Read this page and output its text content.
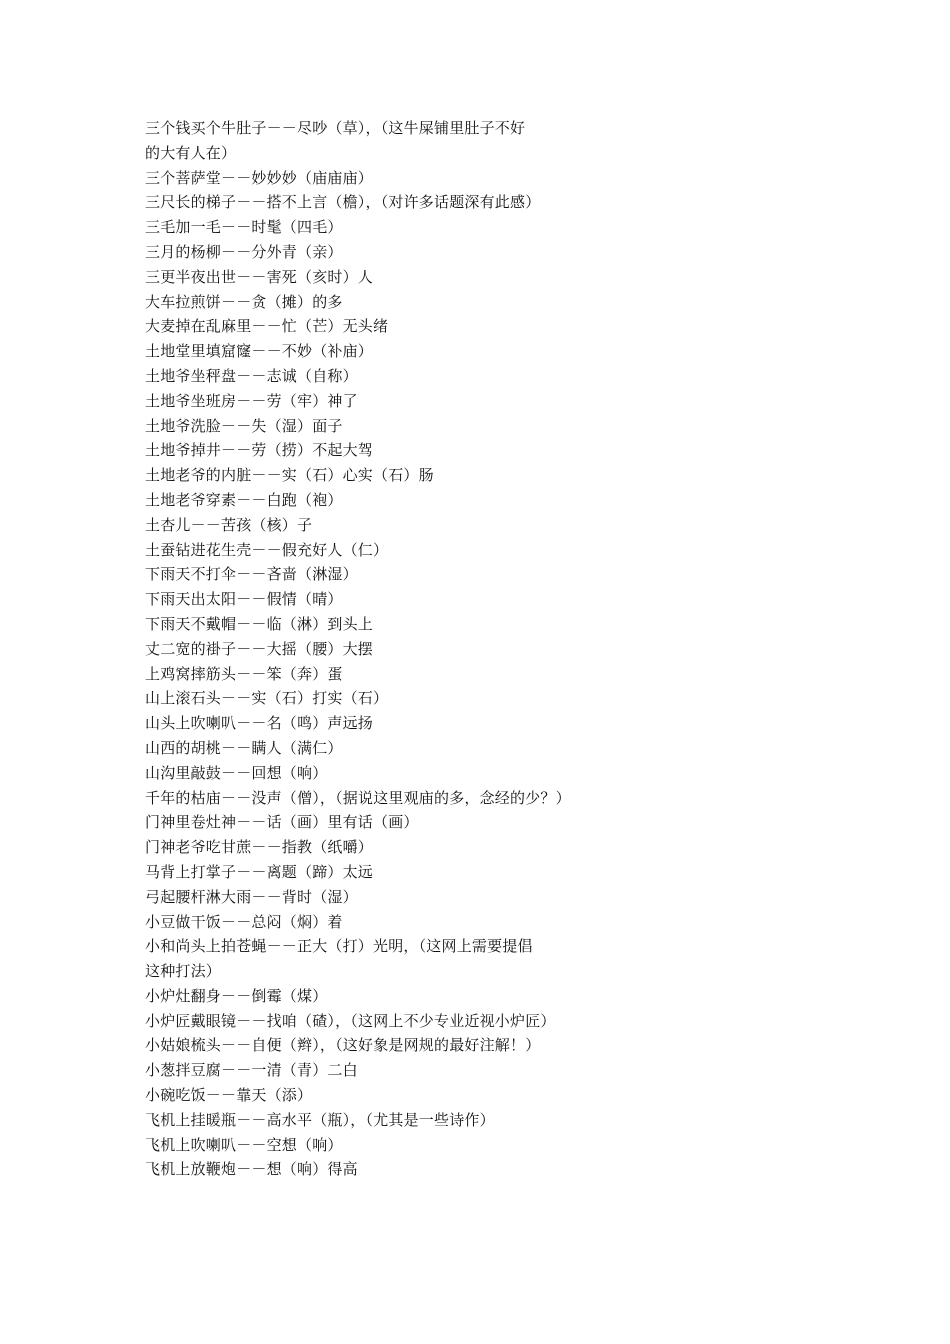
三个钱买个牛肚子－－尽吵（草），（这牛屎铺里肚子不好
的大有人在）
三个菩萨堂－－妙妙妙（庙庙庙）
三尺长的梯子－－搭不上言（檐），（对许多话题深有此感）
三毛加一毛－－时髦（四毛）
三月的杨柳－－分外青（亲）
三更半夜出世－－害死（亥时）人
大车拉煎饼－－贪（摊）的多
大麦掉在乱麻里－－忙（芒）无头绪
土地堂里填窟窿－－不妙（补庙）
土地爷坐秤盘－－志诚（自称）
土地爷坐班房－－劳（牢）神了
土地爷洗脸－－失（湿）面子
土地爷掉井－－劳（捞）不起大驾
土地老爷的内脏－－实（石）心实（石）肠
土地老爷穿素－－白跑（袍）
土杏儿－－苦孩（核）子
土蚕钻进花生壳－－假充好人（仁）
下雨天不打伞－－吝啬（淋湿）
下雨天出太阳－－假情（晴）
下雨天不戴帽－－临（淋）到头上
丈二宽的褂子－－大摇（腰）大摆
上鸡窝摔筋头－－笨（奔）蛋
山上滚石头－－实（石）打实（石）
山头上吹喇叭－－名（鸣）声远扬
山西的胡桃－－瞒人（满仁）
山沟里敲鼓－－回想（响）
千年的枯庙－－没声（僧），（据说这里观庙的多，念经的少？）
门神里卷灶神－－话（画）里有话（画）
门神老爷吃甘蔗－－指教（纸嚼）
马背上打掌子－－离题（蹄）太远
弓起腰杆淋大雨－－背时（湿）
小豆做干饭－－总闷（焖）着
小和尚头上拍苍蝇－－正大（打）光明，（这网上需要提倡
这种打法）
小炉灶翻身－－倒霉（煤）
小炉匠戴眼镜－－找咱（碴），（这网上不少专业近视小炉匠）
小姑娘梳头－－自便（辫），（这好象是网规的最好注解！）
小葱拌豆腐－－一清（青）二白
小碗吃饭－－靠天（添）
飞机上挂暖瓶－－高水平（瓶），（尤其是一些诗作）
飞机上吹喇叭－－空想（响）
飞机上放鞭炮－－想（响）得高
